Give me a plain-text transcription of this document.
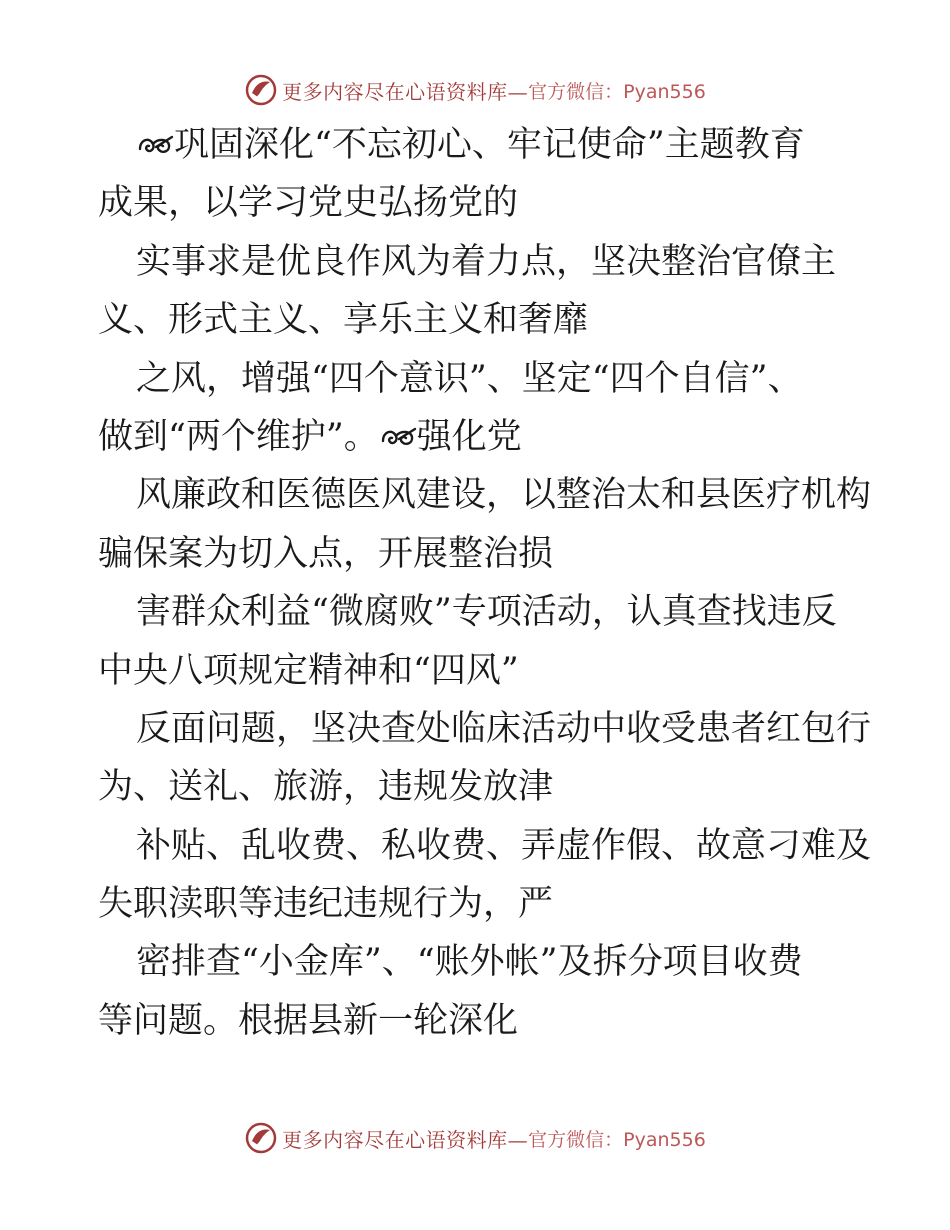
更多内容尽在心语资料库— 官方微信：Pyan556
巩固深化“不忘初心、牢记使命”主题教育
成果，以学习党史弘扬党的
实事求是优良作风为着力点，坚决整治官僚主
义、形式主义、享乐主义和奢靡
之风，增强“四个意识”、坚定“四个自信”、
做到“两个维护”。 强化党
风廉政和医德医风建设，以整治太和县医疗机构
骗保案为切入点，开展整治损
害群众利益“微腐败”专项活动，认真查找违反
中央八项规定精神和“四风”
反面问题，坚决查处临床活动中收受患者红包行
为、送礼、旅游，违规发放津
补贴、乱收费、私收费、弄虚作假、故意刁难及
失职渎职等违纪违规行为，严
密排查“小金库”、“账外帐”及拆分项目收费
等问题。根据县新一轮深化
更多内容尽在心语资料库— 官方微信：Pyan556
